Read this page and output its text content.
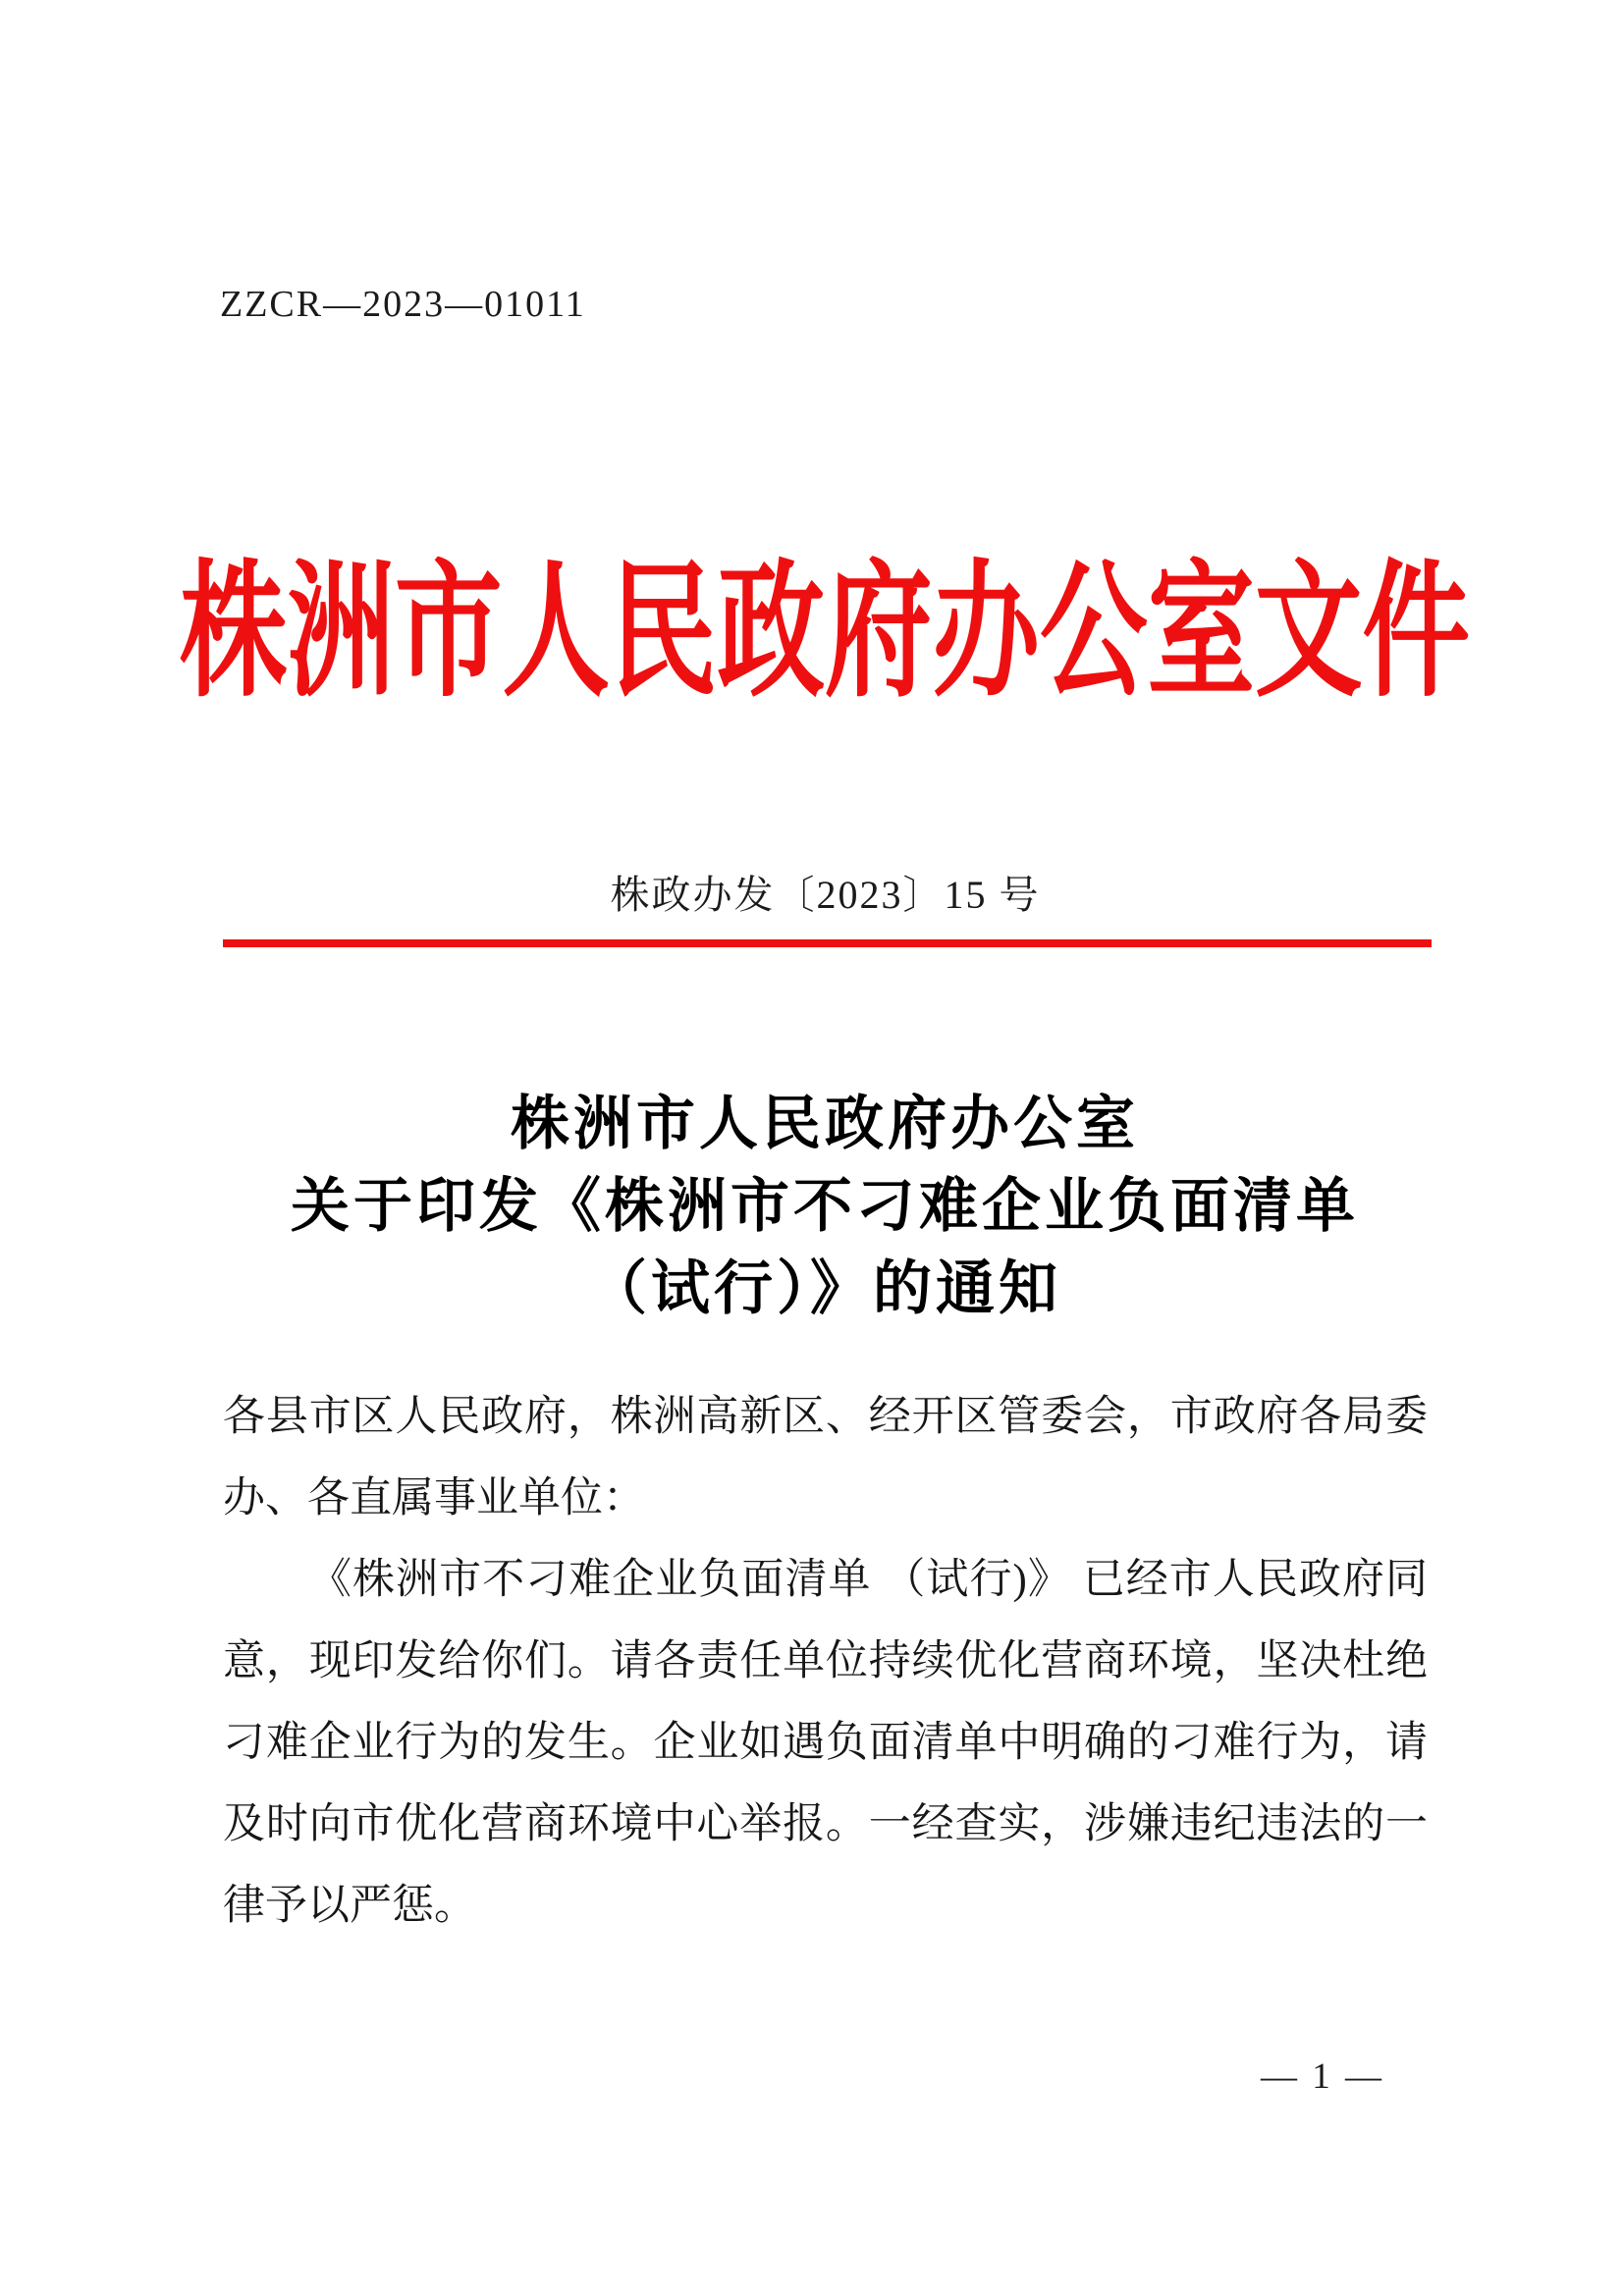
ZZCR—2023—01011
株洲市人民政府办公室文件
株政办发〔2023〕15 号
株洲市人民政府办公室
关于印发《株洲市不刁难企业负面清单
（试行）》的通知
各县市区人民政府，株洲高新区、经开区管委会，市政府各局委
办、各直属事业单位：
《株洲市不刁难企业负面清单 （试行)》 已经市人民政府同
意，现印发给你们。请各责任单位持续优化营商环境，坚决杜绝
刁难企业行为的发生。企业如遇负面清单中明确的刁难行为，请
及时向市优化营商环境中心举报。一经查实，涉嫌违纪违法的一
律予以严惩。
— 1 —
